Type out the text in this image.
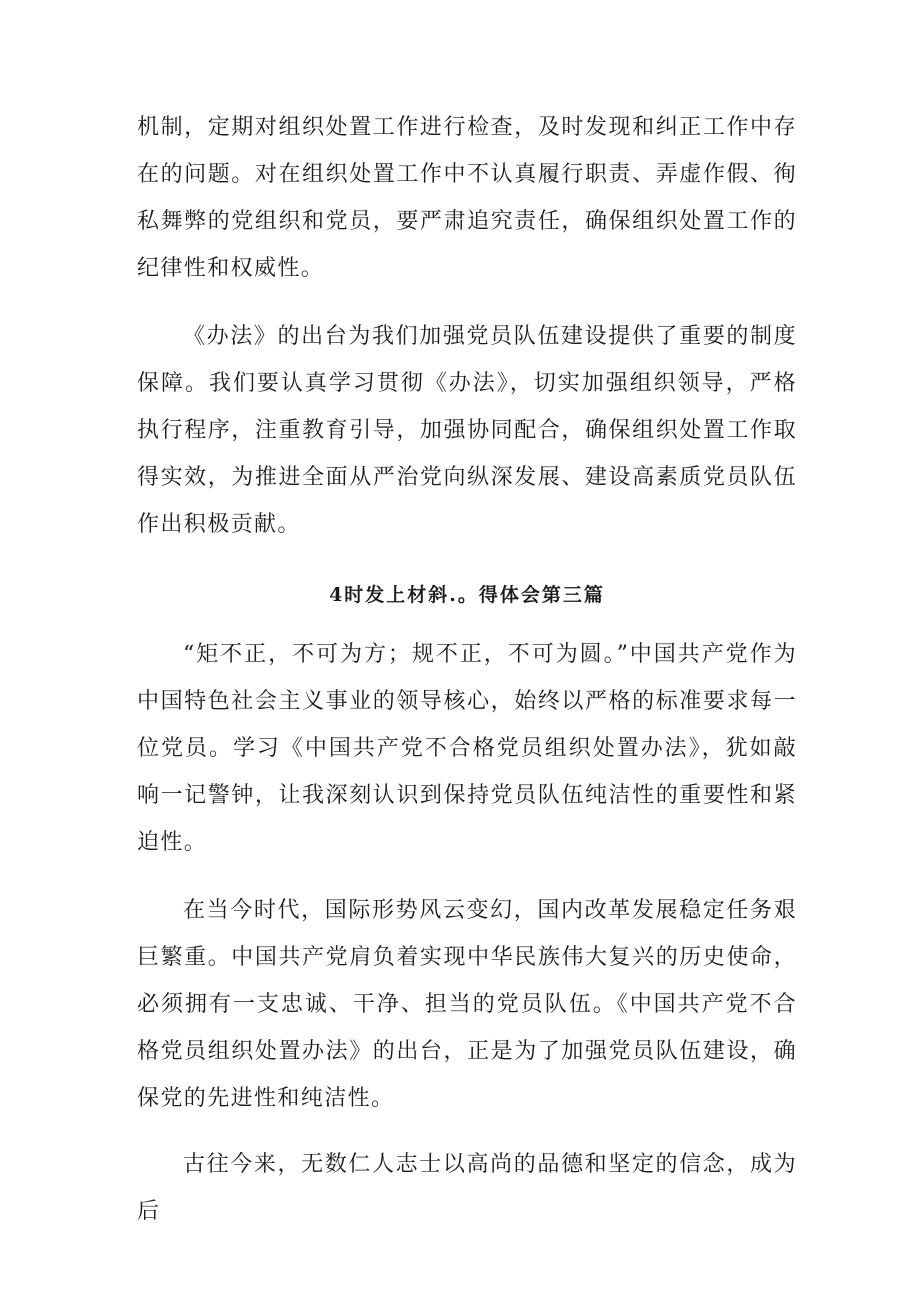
机制，定期对组织处置工作进行检查，及时发现和纠正工作中存在的问题。对在组织处置工作中不认真履行职责、弄虚作假、徇私舞弊的党组织和党员，要严肃追究责任，确保组织处置工作的纪律性和权威性。

《办法》的出台为我们加强党员队伍建设提供了重要的制度保障。我们要认真学习贯彻《办法》，切实加强组织领导，严格执行程序，注重教育引导，加强协同配合，确保组织处置工作取得实效，为推进全面从严治党向纵深发展、建设高素质党员队伍作出积极贡献。

4时发上材斜.。得体会第三篇

“矩不正，不可为方；规不正，不可为圆。”中国共产党作为中国特色社会主义事业的领导核心，始终以严格的标准要求每一位党员。学习《中国共产党不合格党员组织处置办法》，犹如敲响一记警钟，让我深刻认识到保持党员队伍纯洁性的重要性和紧迫性。

在当今时代，国际形势风云变幻，国内改革发展稳定任务艰巨繁重。中国共产党肩负着实现中华民族伟大复兴的历史使命，必须拥有一支忠诚、干净、担当的党员队伍。《中国共产党不合格党员组织处置办法》的出台，正是为了加强党员队伍建设，确保党的先进性和纯洁性。

古往今来，无数仁人志士以高尚的品德和坚定的信念，成为后
